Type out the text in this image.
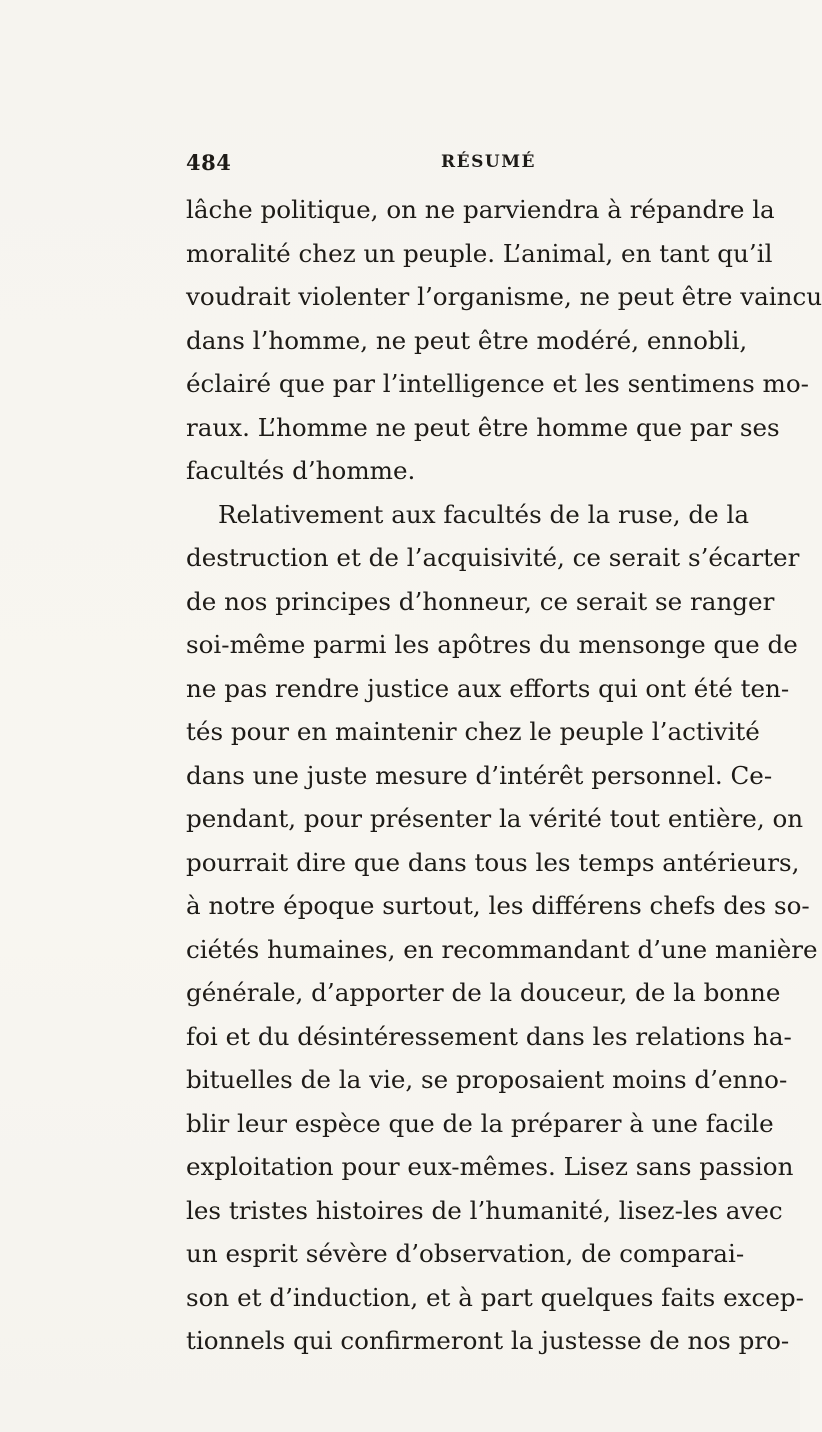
484	RÉSUMÉ
lâche politique, on ne parviendra à répandre la
moralité chez un peuple. L’animal, en tant qu’il
voudrait violenter l’organisme, ne peut être vaincu
dans l’homme, ne peut être modéré, ennobli,
éclairé que par l’intelligence et les sentimens mo-
raux. L’homme ne peut être homme que par ses
facultés d’homme.
Relativement aux facultés de la ruse, de la
destruction et de l’acquisivité, ce serait s’écarter
de nos principes d’honneur, ce serait se ranger
soi-même parmi les apôtres du mensonge que de
ne pas rendre justice aux efforts qui ont été ten-
tés pour en maintenir chez le peuple l’activité
dans une juste mesure d’intérêt personnel. Ce-
pendant, pour présenter la vérité tout entière, on
pourrait dire que dans tous les temps antérieurs,
à notre époque surtout, les différens chefs des so-
ciétés humaines, en recommandant d’une manière
générale, d’apporter de la douceur, de la bonne
foi et du désintéressement dans les relations ha-
bituelles de la vie, se proposaient moins d’enno-
blir leur espèce que de la préparer à une facile
exploitation pour eux-mêmes. Lisez sans passion
les tristes histoires de l’humanité, lisez-les avec
un esprit sévère d’observation, de comparai-
son et d’induction, et à part quelques faits excep-
tionnels qui confirmeront la justesse de nos pro-
